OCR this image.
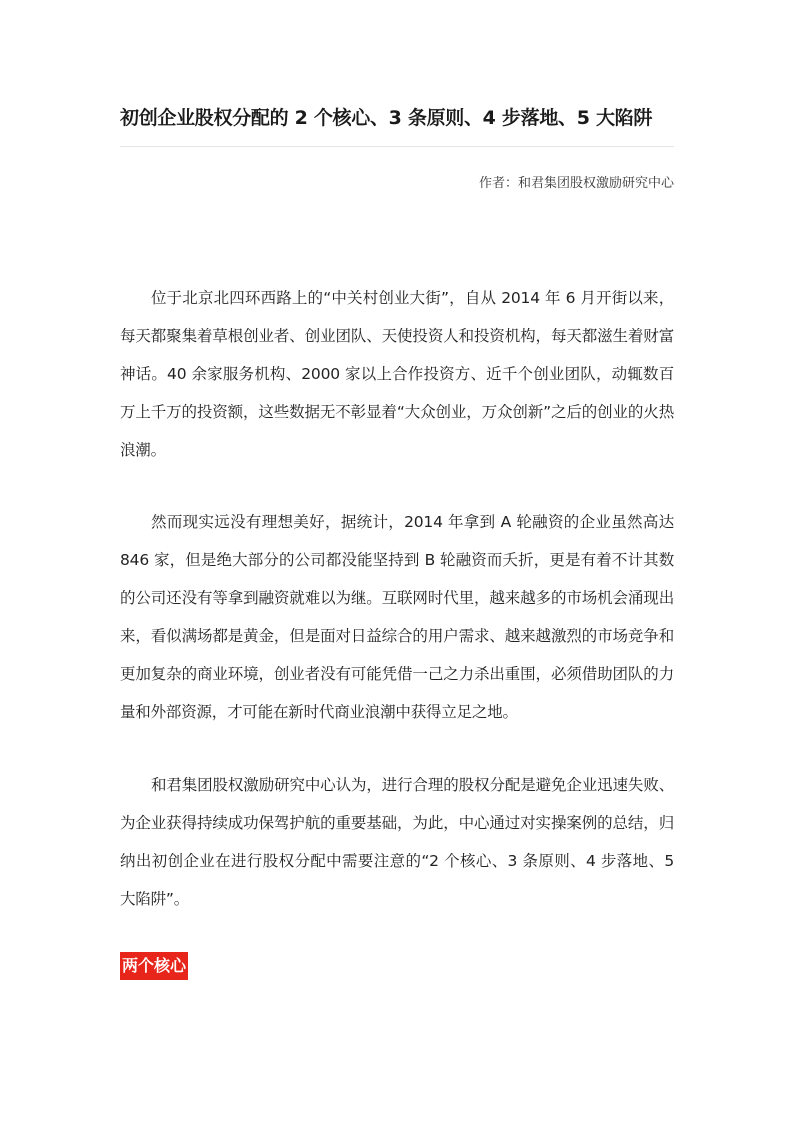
初创企业股权分配的 2 个核心、3 条原则、4 步落地、5 大陷阱
作者：和君集团股权激励研究中心

位于北京北四环西路上的“中关村创业大街”，自从 2014 年 6 月开街以来，每天都聚集着草根创业者、创业团队、天使投资人和投资机构，每天都滋生着财富神话。40 余家服务机构、2000 家以上合作投资方、近千个创业团队，动辄数百万上千万的投资额，这些数据无不彰显着“大众创业，万众创新”之后的创业的火热浪潮。

然而现实远没有理想美好，据统计，2014 年拿到 A 轮融资的企业虽然高达 846 家，但是绝大部分的公司都没能坚持到 B 轮融资而夭折，更是有着不计其数的公司还没有等拿到融资就难以为继。互联网时代里，越来越多的市场机会涌现出来，看似满场都是黄金，但是面对日益综合的用户需求、越来越激烈的市场竞争和更加复杂的商业环境，创业者没有可能凭借一己之力杀出重围，必须借助团队的力量和外部资源，才可能在新时代商业浪潮中获得立足之地。

和君集团股权激励研究中心认为，进行合理的股权分配是避免企业迅速失败、为企业获得持续成功保驾护航的重要基础，为此，中心通过对实操案例的总结，归纳出初创企业在进行股权分配中需要注意的“2 个核心、3 条原则、4 步落地、5 大陷阱”。

两个核心
